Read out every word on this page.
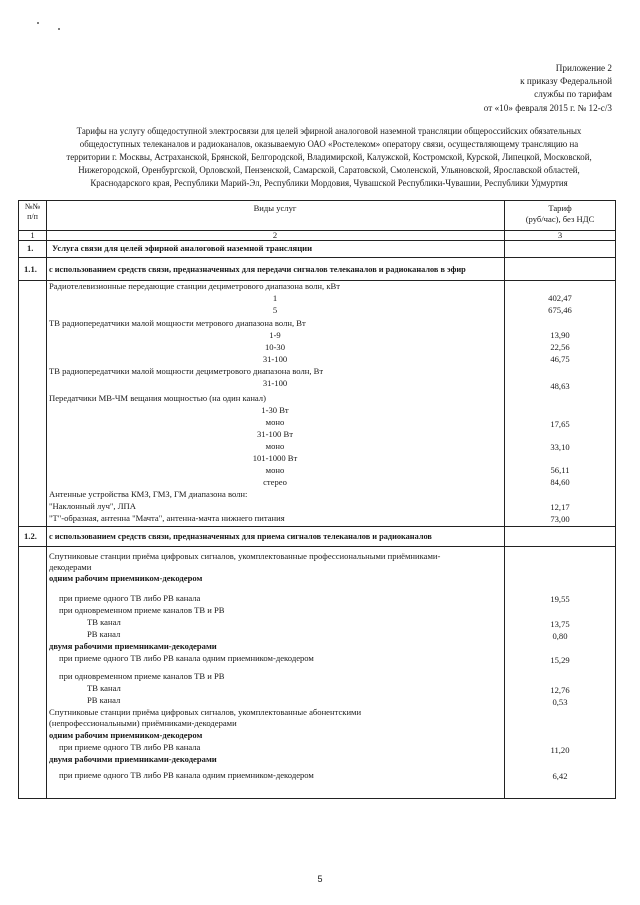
Приложение 2
к приказу Федеральной
службы по тарифам
от «10» февраля 2015 г. № 12-с/3
Тарифы на услугу общедоступной электросвязи для целей эфирной аналоговой наземной трансляции общероссийских обязательных
общедоступных телеканалов и радиоканалов, оказываемую ОАО «Ростелеком» оператору связи, осуществляющему трансляцию на
территории г. Москвы, Астраханской, Брянской, Белгородской, Владимирской, Калужской, Костромской, Курской, Липецкой, Московской,
Нижегородской, Оренбургской, Орловской, Пензенской, Самарской, Саратовской, Смоленской, Ульяновской, Ярославской областей,
Краснодарского края, Республики Марий-Эл, Республики Мордовия, Чувашской Республики-Чувашии, Республики Удмуртия
№№
п/п
Виды услуг	Тариф
(руб/час), без НДС
1	2	3
1. Услуга связи для целей эфирной аналоговой наземной трансляции
1.1. с использованием средств связи, предназначенных для передачи сигналов телеканалов и радиоканалов в эфир
Радиотелевизионные передающие станции дециметрового диапазона волн, кВт
1	402,47
5	675,46
ТВ радиопередатчики малой мощности метрового диапазона волн, Вт
1-9	13,90
10-30	22,56
31-100	46,75
ТВ радиопередатчики малой мощности дециметрового диапазона волн, Вт
31-100	48,63
Передатчики МВ-ЧМ вещания мощностью (на один канал)
1-30 Вт
моно	17,65
31-100 Вт
моно	33,10
101-1000 Вт
моно	56,11
стерео	84,60
Антенные устройства КМЗ, ГМЗ, ГМ диапазона волн:
"Наклонный луч", ЛПА	12,17
"Т"-образная, антенна "Мачта", антенна-мачта нижнего питания	73,00
1.2. с использованием средств связи, предназначенных для приема сигналов телеканалов и радиоканалов
Спутниковые станции приёма цифровых сигналов, укомплектованные профессиональными приёмниками-
декодерами
одним рабочим приемником-декодером
при приеме одного ТВ либо РВ канала	19,55
при одновременном приеме каналов ТВ и РВ
ТВ канал	13,75
РВ канал	0,80
двумя рабочими приемниками-декодерами
при приеме одного ТВ либо РВ канала одним приемником-декодером	15,29
при одновременном приеме каналов ТВ и РВ
ТВ канал	12,76
РВ канал	0,53
Спутниковые станции приёма цифровых сигналов, укомплектованные абонентскими
(непрофессиональными) приёмниками-декодерами
одним рабочим приемником-декодером
при приеме одного ТВ либо РВ канала	11,20
двумя рабочими приемниками-декодерами
при приеме одного ТВ либо РВ канала одним приемником-декодером	6,42
5
